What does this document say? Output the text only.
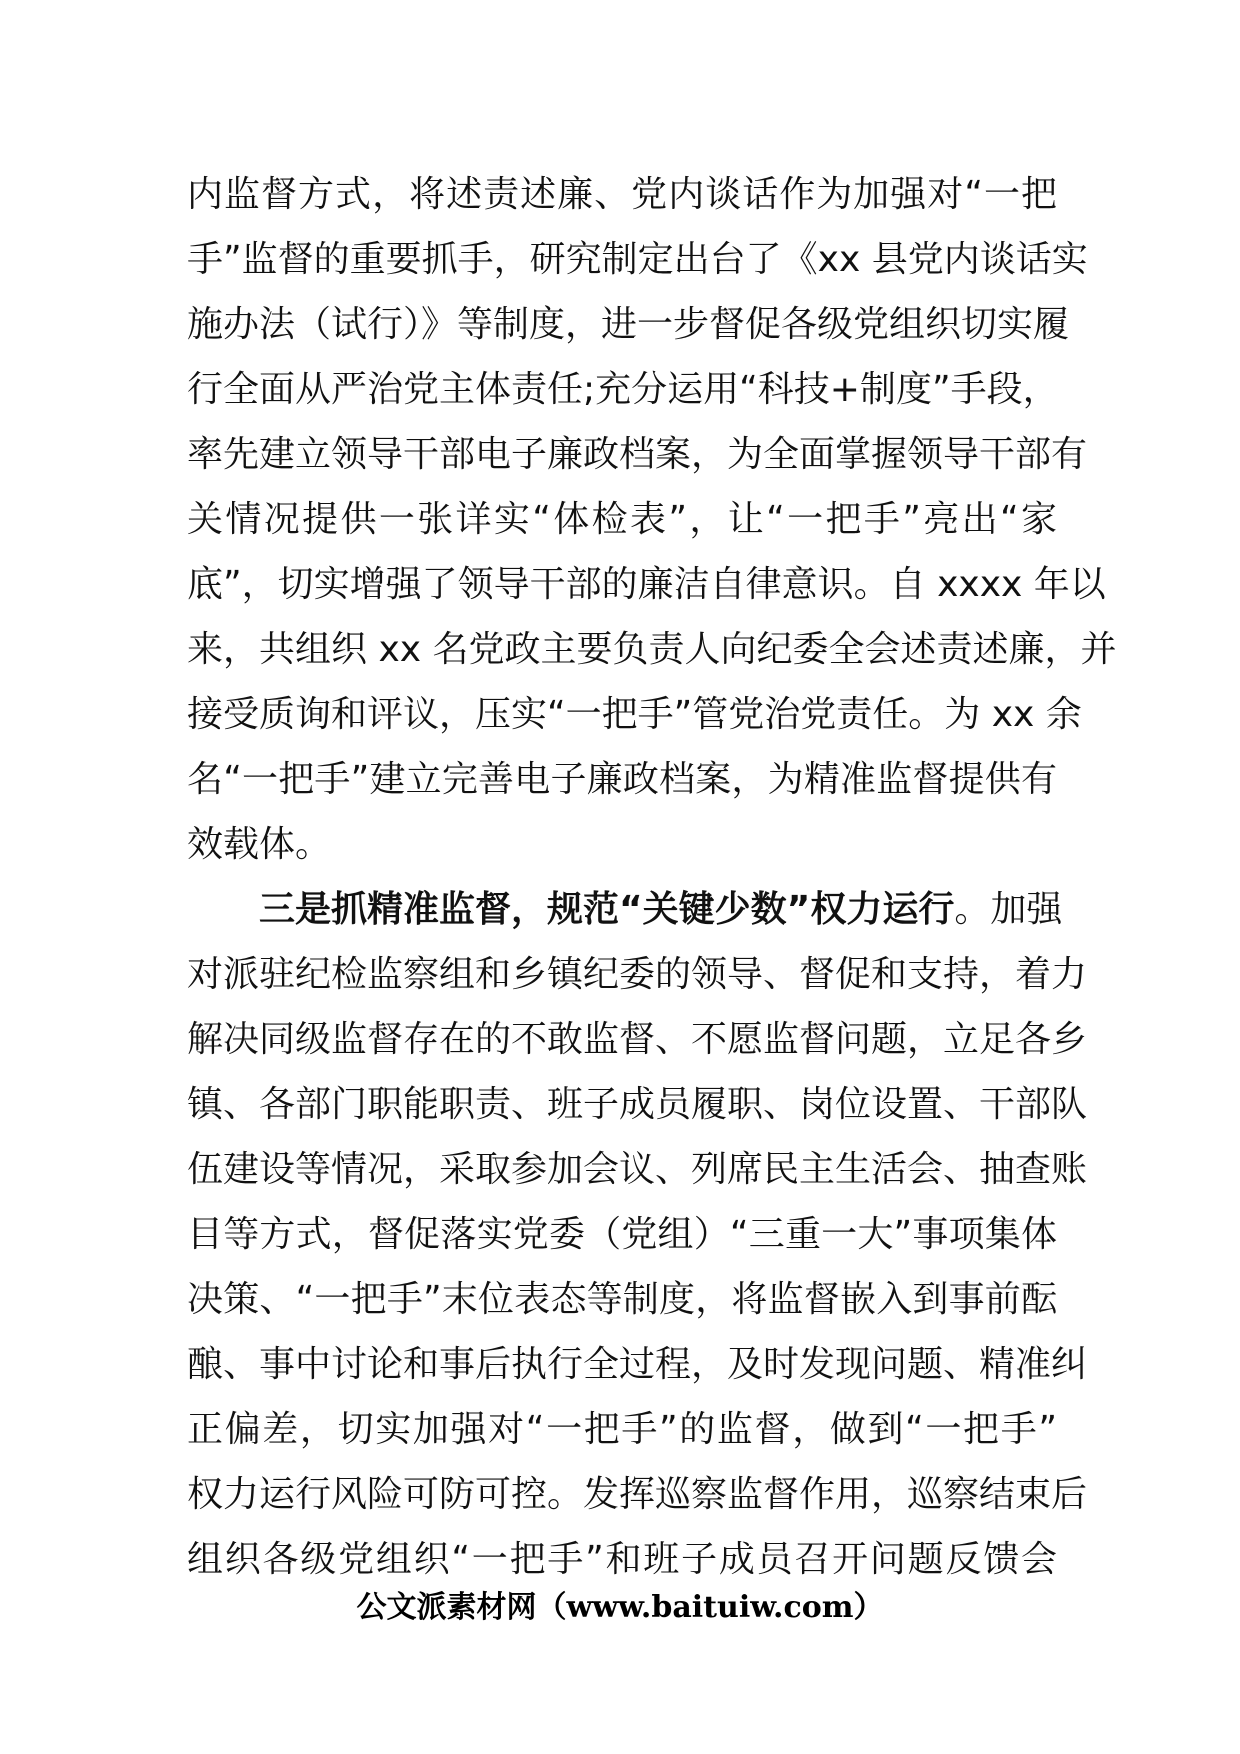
内监督方式，将述责述廉、党内谈话作为加强对“一把
手”监督的重要抓手，研究制定出台了《xx 县党内谈话实
施办法（试行）》等制度，进一步督促各级党组织切实履
行全面从严治党主体责任;充分运用“科技+制度”手段，
率先建立领导干部电子廉政档案，为全面掌握领导干部有
关情况提供一张详实“体检表”，让“一把手”亮出“家
底”，切实增强了领导干部的廉洁自律意识。自 xxxx 年以
来，共组织 xx 名党政主要负责人向纪委全会述责述廉，并
接受质询和评议，压实“一把手”管党治党责任。为 xx 余
名“一把手”建立完善电子廉政档案，为精准监督提供有
效载体。
三是抓精准监督，规范“关键少数”权力运行。加强
对派驻纪检监察组和乡镇纪委的领导、督促和支持，着力
解决同级监督存在的不敢监督、不愿监督问题，立足各乡
镇、各部门职能职责、班子成员履职、岗位设置、干部队
伍建设等情况，采取参加会议、列席民主生活会、抽查账
目等方式，督促落实党委（党组）“三重一大”事项集体
决策、“一把手”末位表态等制度，将监督嵌入到事前酝
酿、事中讨论和事后执行全过程，及时发现问题、精准纠
正偏差，切实加强对“一把手”的监督，做到“一把手”
权力运行风险可防可控。发挥巡察监督作用，巡察结束后
组织各级党组织“一把手”和班子成员召开问题反馈会
公文派素材网（www.baituiw.com）
